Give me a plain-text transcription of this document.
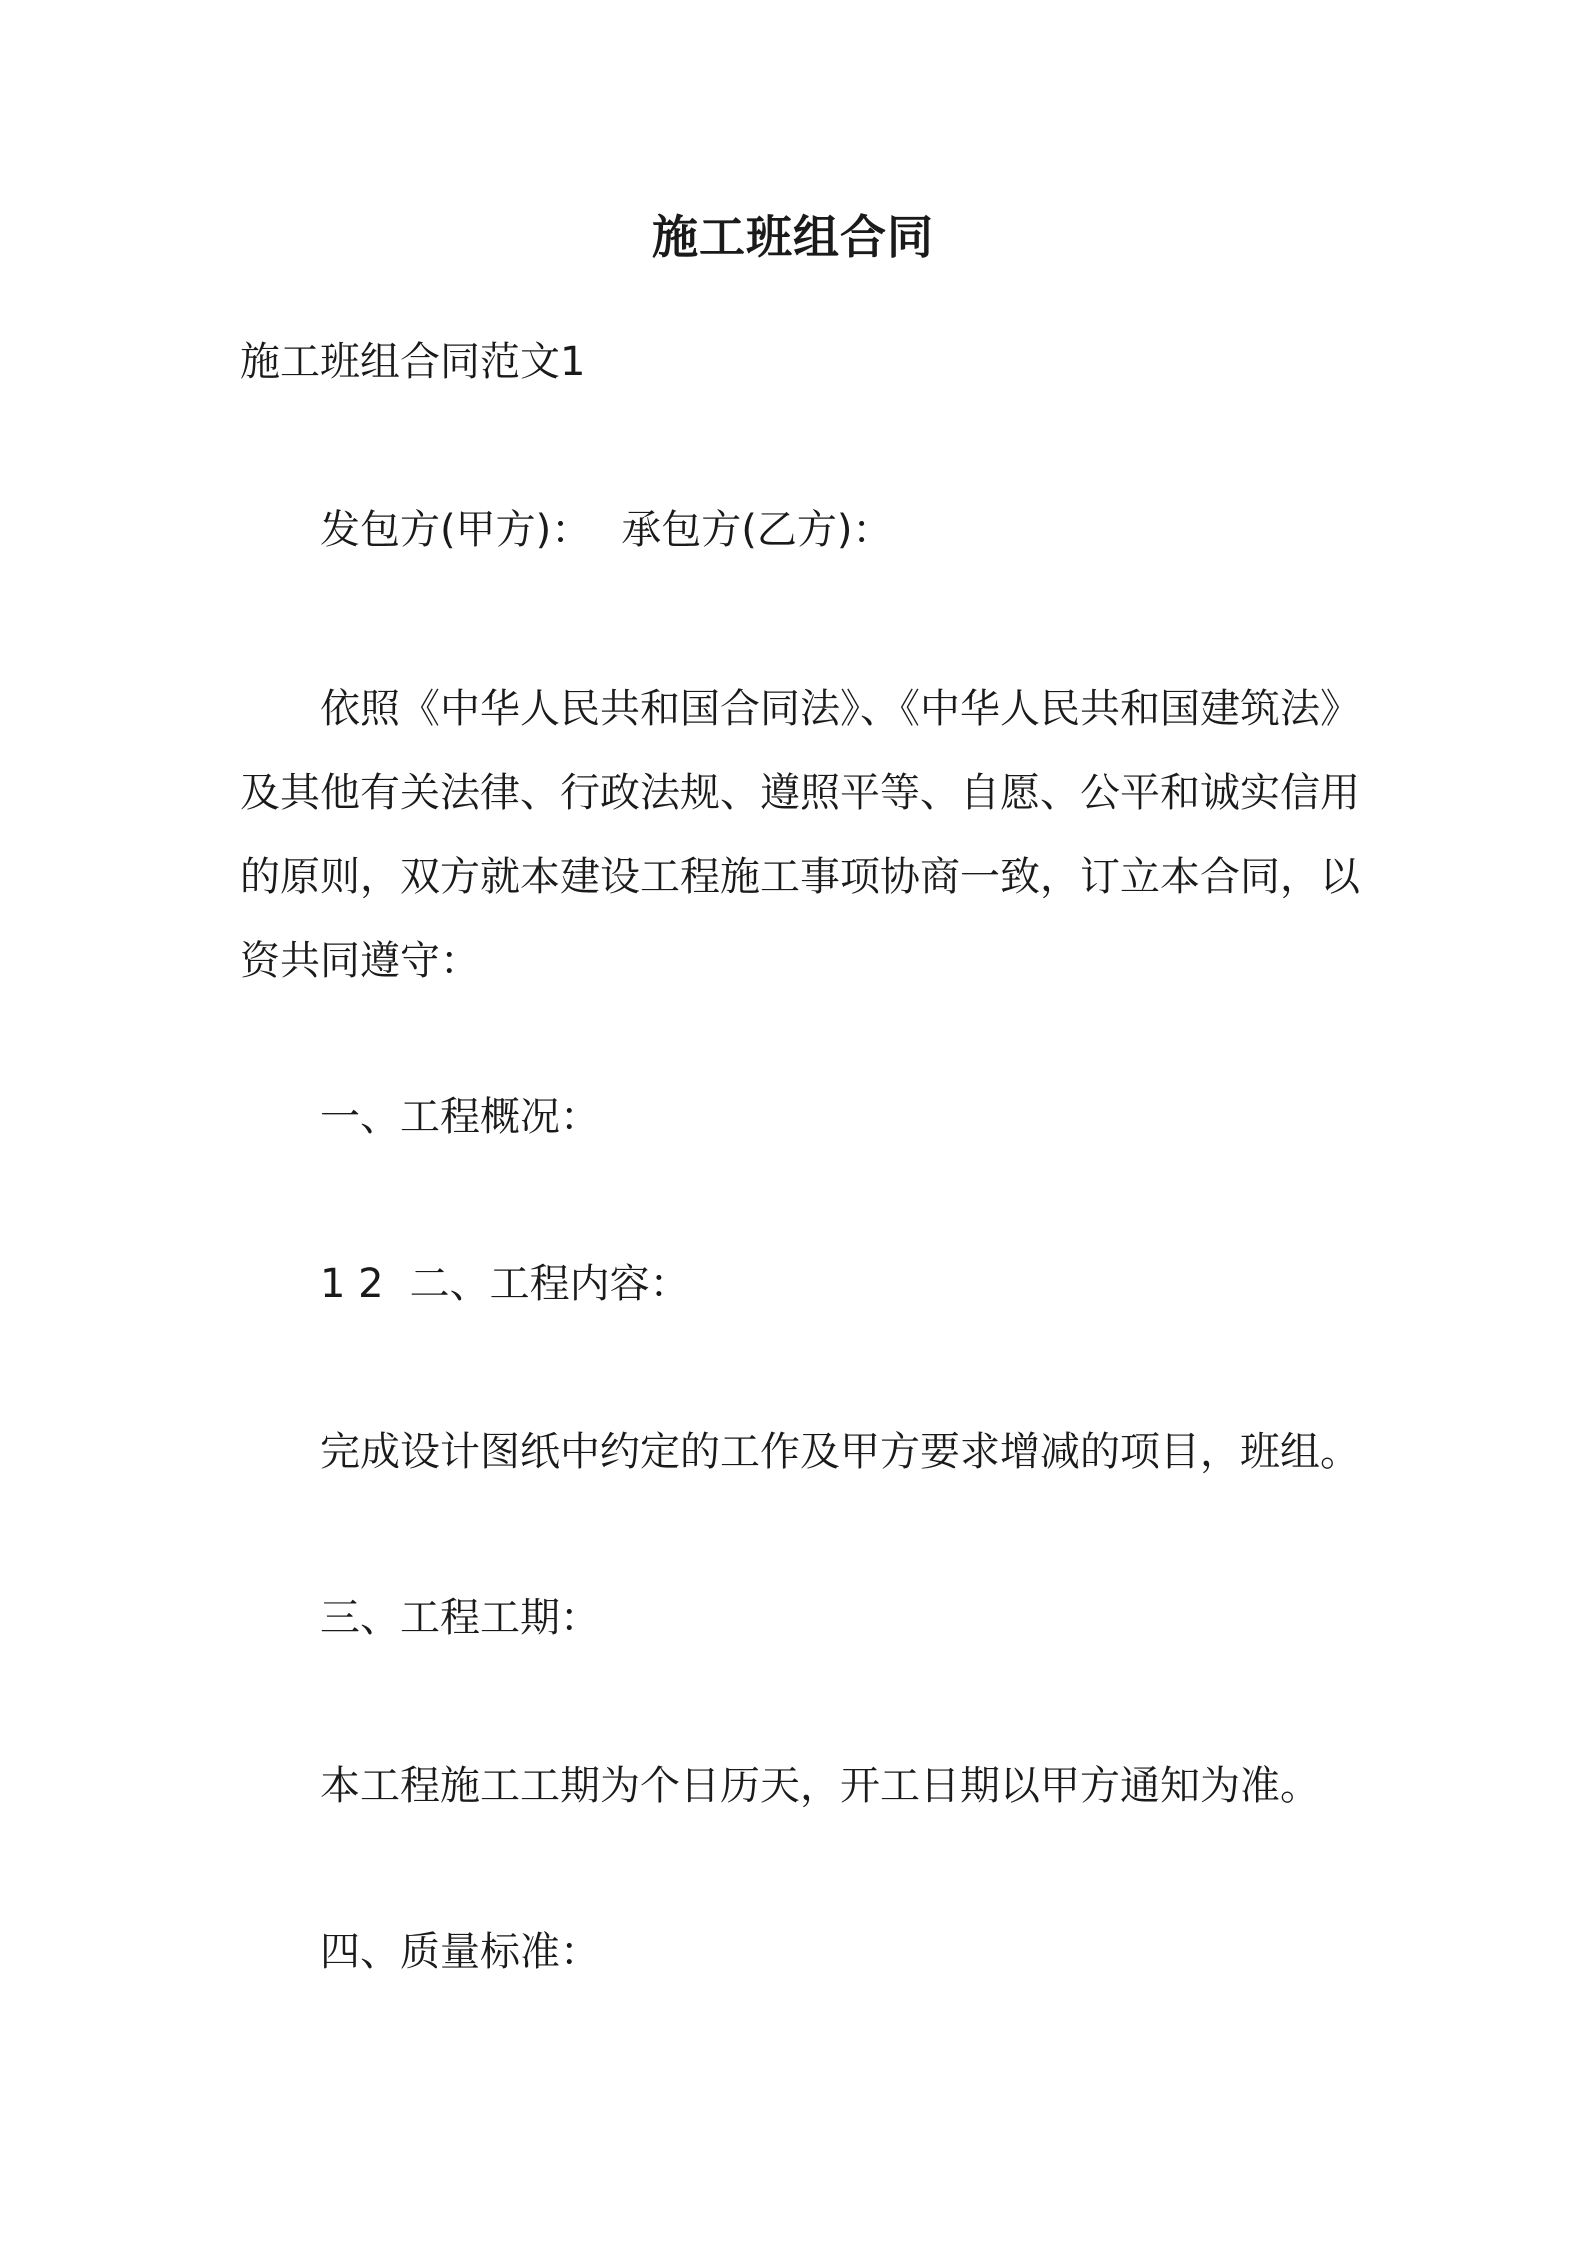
施工班组合同

施工班组合同范文1

发包方(甲方)： 承包方(乙方)：

依照《中华人民共和国合同法》、《中华人民共和国建筑法》及其他有关法律、行政法规、遵照平等、自愿、公平和诚实信用的原则，双方就本建设工程施工事项协商一致，订立本合同，以资共同遵守：

一、工程概况：

1 2 二、工程内容：

完成设计图纸中约定的工作及甲方要求增减的项目，班组。

三、工程工期：

本工程施工工期为个日历天，开工日期以甲方通知为准。

四、质量标准：
